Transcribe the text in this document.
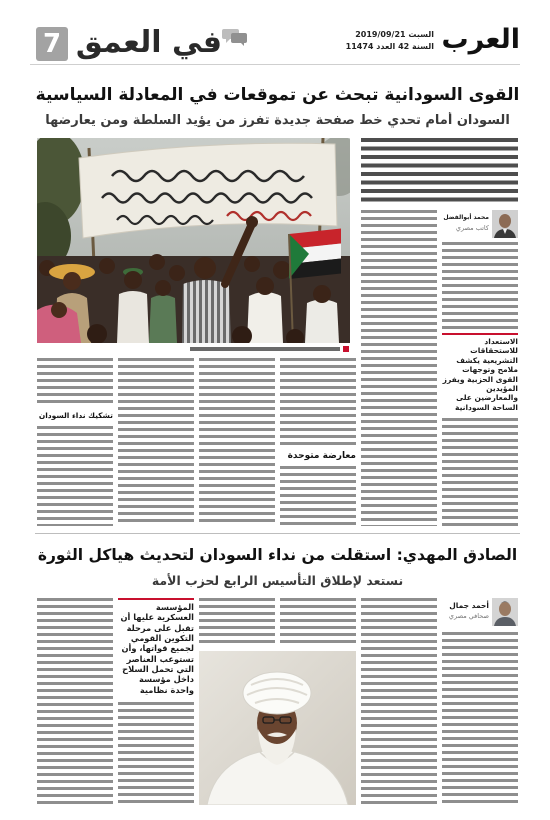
7 في العمق	العرب
السبت 2019/09/21
السنة 42 العدد 11474
القوى السودانية تبحث عن تموقعات في المعادلة السياسية
السودان أمام تحدي خط صفحة جديدة تفرز من يؤيد السلطة ومن يعارضها
محمد أبوالفضل
كاتب مصري
الاستعداد للاستحقاقات التشريعية يكشف ملامح وتوجهات القوى الحزبية ويفرز المؤيدين والمعارضين على الساحة السودانية
معارضة متوحدة
تشكيك نداء السودان
الصادق المهدي: استقلت من نداء السودان لتحديث هياكل الثورة
نستعد لإطلاق التأسيس الرابع لحزب الأمة
أحمد جمال
صحافي مصري
المؤسسة العسكرية عليها أن تقبل على مرحلة التكوين القومي لجميع قواتها، وأن تستوعب العناصر التي تحمل السلاح داخل مؤسسة واحدة نظامية
